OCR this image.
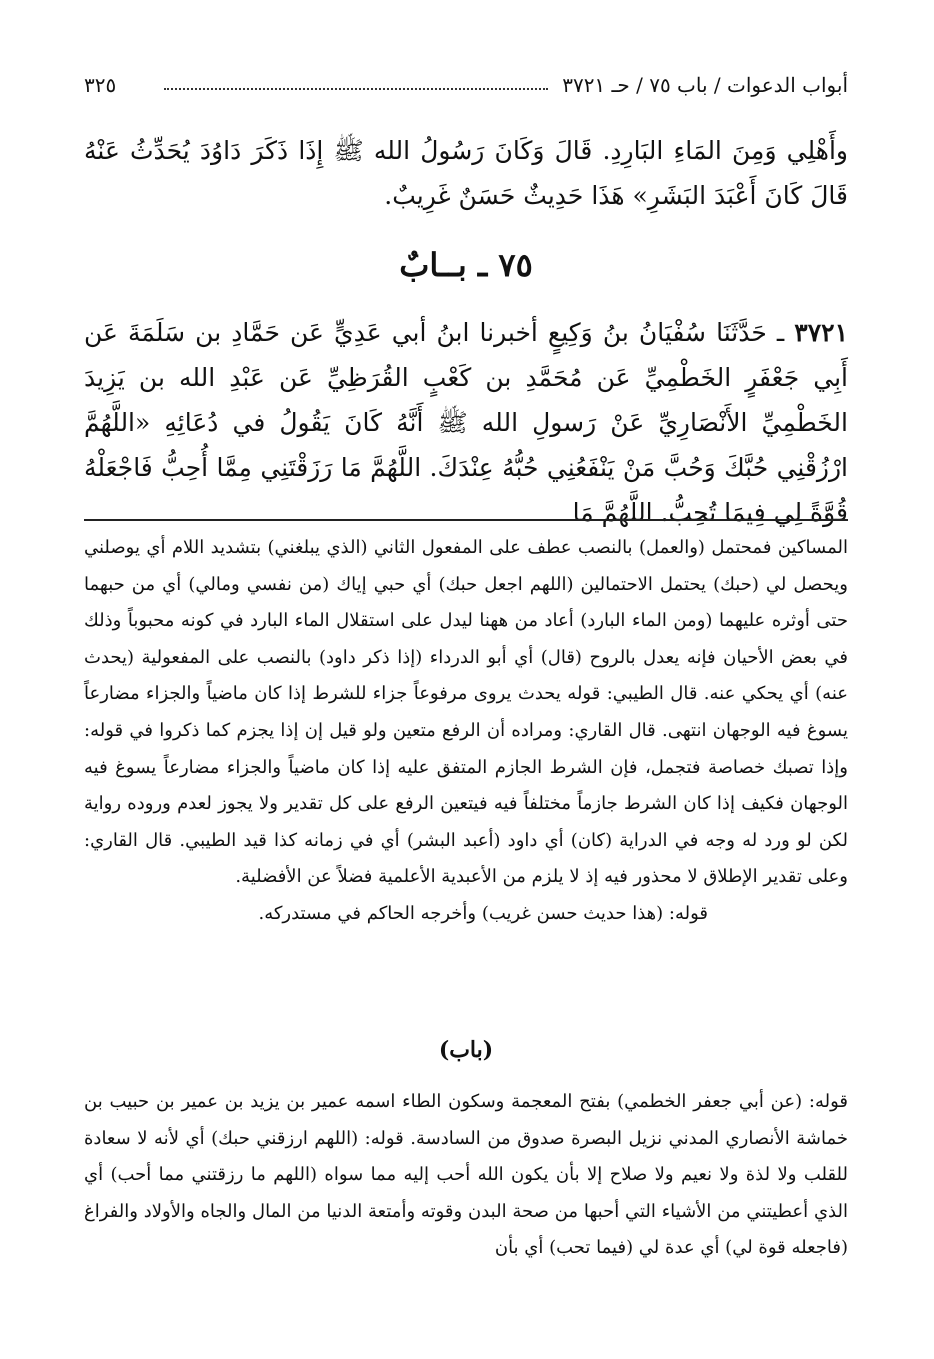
أبواب الدعوات / باب ٧٥ / حـ ٣٧٢١
٣٢٥

وأَهْلِي وَمِنَ المَاءِ البَارِدِ. قَالَ وَكَانَ رَسُولُ الله ﷺ إِذَا ذَكَرَ دَاوُدَ يُحَدِّثُ عَنْهُ قَالَ كَانَ أَعْبَدَ البَشَرِ» هَذَا حَدِيثٌ حَسَنٌ غَرِيبٌ.

٧٥ ـ بــابٌ

٣٧٢١ ـ حَدَّثَنَا سُفْيَانُ بنُ وَكِيعٍ أخبرنا ابنُ أبي عَدِيٍّ عَن حَمَّادِ بن سَلَمَةَ عَن أَبِي جَعْفَرٍ الخَطْمِيِّ عَن مُحَمَّدِ بن كَعْبٍ القُرَظِيِّ عَن عَبْدِ الله بن يَزِيدَ الخَطْمِيِّ الأَنْصَارِيِّ عَنْ رَسولِ الله ﷺ أَنَّهُ كَانَ يَقُولُ في دُعَائِهِ «اللَّهُمَّ ارْزُقْنِي حُبَّكَ وَحُبَّ مَنْ يَنْفَعُنِي حُبُّهُ عِنْدَكَ. اللَّهُمَّ مَا رَزَقْتَنِي مِمَّا أُحِبُّ فَاجْعَلْهُ قُوَّةً لِي فِيمَا تُحِبُّ. اللَّهُمَّ مَا

المساكين فمحتمل (والعمل) بالنصب عطف على المفعول الثاني (الذي يبلغني) بتشديد اللام أي يوصلني ويحصل لي (حبك) يحتمل الاحتمالين (اللهم اجعل حبك) أي حبي إياك (من نفسي ومالي) أي من حبهما حتى أوثره عليهما (ومن الماء البارد) أعاد من ههنا ليدل على استقلال الماء البارد في كونه محبوباً وذلك في بعض الأحيان فإنه يعدل بالروح (قال) أي أبو الدرداء (إذا ذكر داود) بالنصب على المفعولية (يحدث عنه) أي يحكي عنه. قال الطيبي: قوله يحدث يروى مرفوعاً جزاء للشرط إذا كان ماضياً والجزاء مضارعاً يسوغ فيه الوجهان انتهى. قال القاري: ومراده أن الرفع متعين ولو قيل إن إذا يجزم كما ذكروا في قوله: وإذا تصبك خصاصة فتجمل، فإن الشرط الجازم المتفق عليه إذا كان ماضياً والجزاء مضارعاً يسوغ فيه الوجهان فكيف إذا كان الشرط جازماً مختلفاً فيه فيتعين الرفع على كل تقدير ولا يجوز لعدم وروده رواية لكن لو ورد له وجه في الدراية (كان) أي داود (أعبد البشر) أي في زمانه كذا قيد الطيبي. قال القاري: وعلى تقدير الإطلاق لا محذور فيه إذ لا يلزم من الأعبدية الأعلمية فضلاً عن الأفضلية.

قوله: (هذا حديث حسن غريب) وأخرجه الحاكم في مستدركه.

(باب)

قوله: (عن أبي جعفر الخطمي) بفتح المعجمة وسكون الطاء اسمه عمير بن يزيد بن عمير بن حبيب بن خماشة الأنصاري المدني نزيل البصرة صدوق من السادسة. قوله: (اللهم ارزقني حبك) أي لأنه لا سعادة للقلب ولا لذة ولا نعيم ولا صلاح إلا بأن يكون الله أحب إليه مما سواه (اللهم ما رزقتني مما أحب) أي الذي أعطيتني من الأشياء التي أحبها من صحة البدن وقوته وأمتعة الدنيا من المال والجاه والأولاد والفراغ (فاجعله قوة لي) أي عدة لي (فيما تحب) أي بأن
